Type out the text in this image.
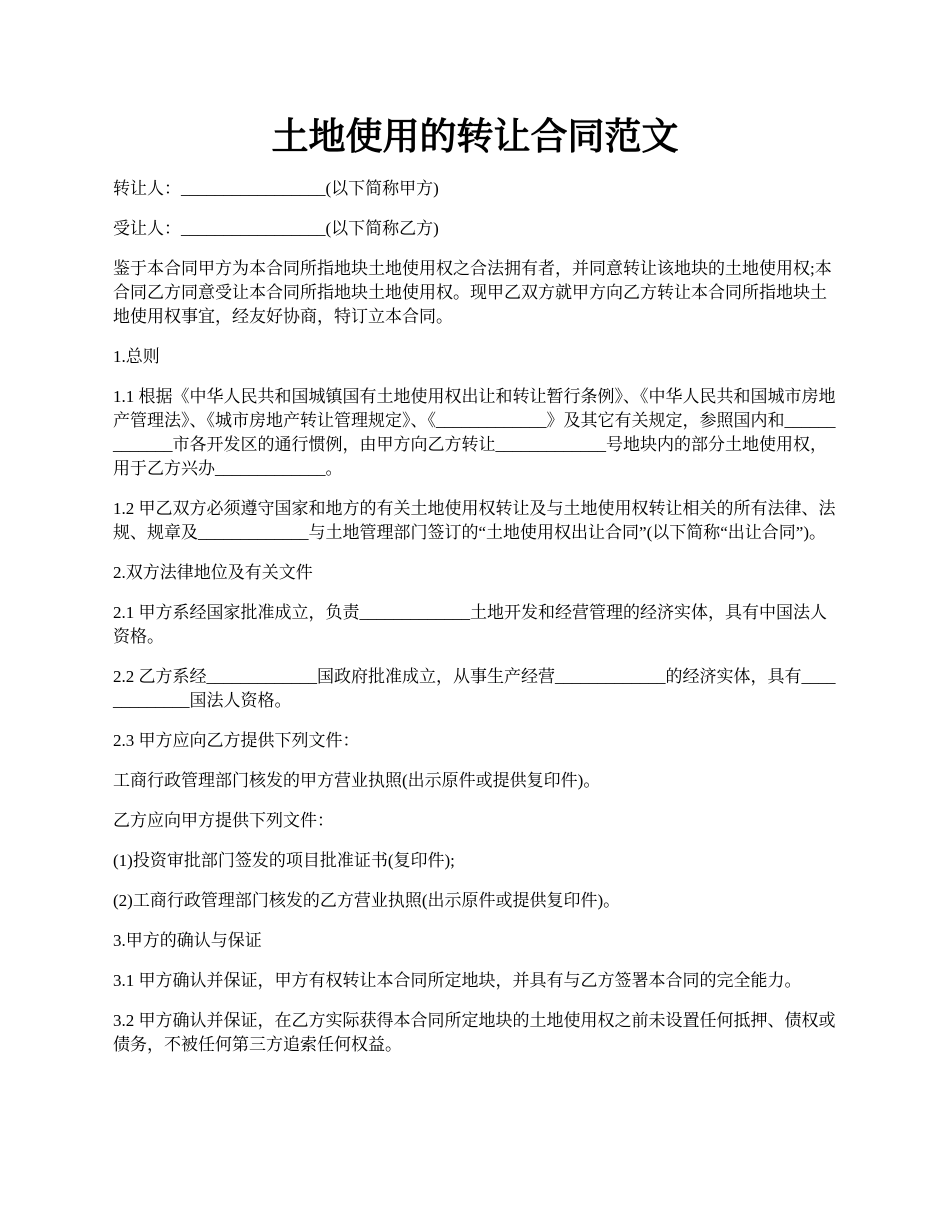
土地使用的转让合同范文

转让人：_________________(以下简称甲方)

受让人：_________________(以下简称乙方)

鉴于本合同甲方为本合同所指地块土地使用权之合法拥有者，并同意转让该地块的土地使用权;本合同乙方同意受让本合同所指地块土地使用权。现甲乙双方就甲方向乙方转让本合同所指地块土地使用权事宜，经友好协商，特订立本合同。

1.总则

1.1 根据《中华人民共和国城镇国有土地使用权出让和转让暂行条例》、《中华人民共和国城市房地产管理法》、《城市房地产转让管理规定》、《_____________》及其它有关规定，参照国内和_____________市各开发区的通行惯例，由甲方向乙方转让_____________号地块内的部分土地使用权，用于乙方兴办_____________。

1.2 甲乙双方必须遵守国家和地方的有关土地使用权转让及与土地使用权转让相关的所有法律、法规、规章及_____________与土地管理部门签订的“土地使用权出让合同”(以下简称“出让合同”)。

2.双方法律地位及有关文件

2.1 甲方系经国家批准成立，负责_____________土地开发和经营管理的经济实体，具有中国法人资格。

2.2 乙方系经_____________国政府批准成立，从事生产经营_____________的经济实体，具有_____________国法人资格。

2.3 甲方应向乙方提供下列文件：

工商行政管理部门核发的甲方营业执照(出示原件或提供复印件)。

乙方应向甲方提供下列文件：

(1)投资审批部门签发的项目批准证书(复印件);

(2)工商行政管理部门核发的乙方营业执照(出示原件或提供复印件)。

3.甲方的确认与保证

3.1 甲方确认并保证，甲方有权转让本合同所定地块，并具有与乙方签署本合同的完全能力。

3.2 甲方确认并保证，在乙方实际获得本合同所定地块的土地使用权之前未设置任何抵押、债权或债务，不被任何第三方追索任何权益。
